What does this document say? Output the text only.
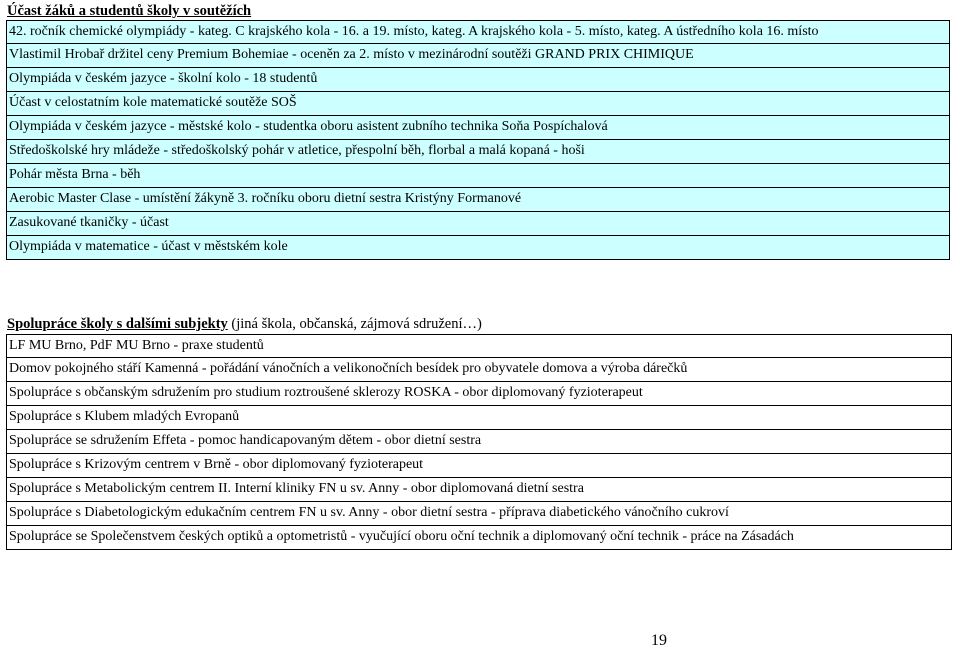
Účast žáků a studentů školy v soutěžích
42. ročník chemické olympiády - kateg. C krajského kola - 16. a 19. místo, kateg. A krajského kola - 5. místo, kateg. A ústředního kola 16. místo
Vlastimil Hrobař držitel ceny Premium Bohemiae - oceněn za 2. místo v mezinárodní soutěži GRAND PRIX CHIMIQUE
Olympiáda v českém jazyce - školní kolo - 18 studentů
Účast v celostatním kole matematické soutěže SOŠ
Olympiáda v českém jazyce - městské kolo - studentka oboru asistent zubního technika Soňa Pospíchalová
Středoškolské hry mládeže - středoškolský pohár v atletice, přespolní běh, florbal a malá kopaná - hoši
Pohár města Brna - běh
Aerobic Master Clase - umístění žákyně 3. ročníku oboru dietní sestra Kristýny Formanové
Zasukované tkaničky - účast
Olympiáda v matematice - účast v městském kole
Spolupráce školy s dalšími subjekty (jiná škola, občanská, zájmová sdružení…)
LF MU Brno, PdF MU Brno - praxe studentů
Domov pokojného stáří Kamenná - pořádání vánočních a velikonočních besídek pro obyvatele domova a výroba dárečků
Spolupráce s občanským sdružením pro studium roztroušené sklerozy ROSKA - obor diplomovaný fyzioterapeut
Spolupráce s Klubem mladých Evropanů
Spolupráce se sdružením Effeta - pomoc handicapovaným dětem - obor dietní sestra
Spolupráce s Krizovým centrem v Brně - obor diplomovaný fyzioterapeut
Spolupráce s Metabolickým centrem II. Interní kliniky FN u sv. Anny - obor diplomovaná dietní sestra
Spolupráce s Diabetologickým edukačním centrem FN u sv. Anny - obor dietní sestra - příprava diabetického vánočního cukroví
Spolupráce se Společenstvem českých optiků a optometristů - vyučující oboru oční technik a diplomovaný oční technik - práce na Zásadách
19
